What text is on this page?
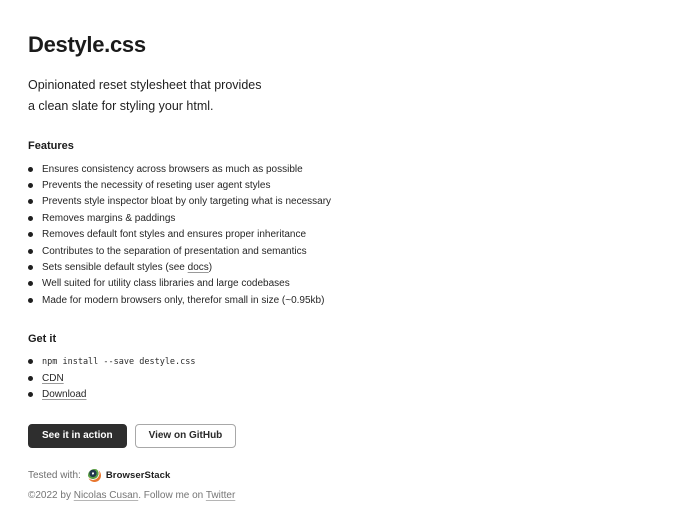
Destyle.css

Opinionated reset stylesheet that provides
a clean slate for styling your html.

Features
Ensures consistency across browsers as much as possible
Prevents the necessity of reseting user agent styles
Prevents style inspector bloat by only targeting what is necessary
Removes margins & paddings
Removes default font styles and ensures proper inheritance
Contributes to the separation of presentation and semantics
Sets sensible default styles (see docs)
Well suited for utility class libraries and large codebases
Made for modern browsers only, therefor small in size (~0.95kb)
Get it
npm install --save destyle.css
CDN
Download
See it in action	View on GitHub
Tested with:	BrowserStack
©2022 by Nicolas Cusan. Follow me on Twitter
